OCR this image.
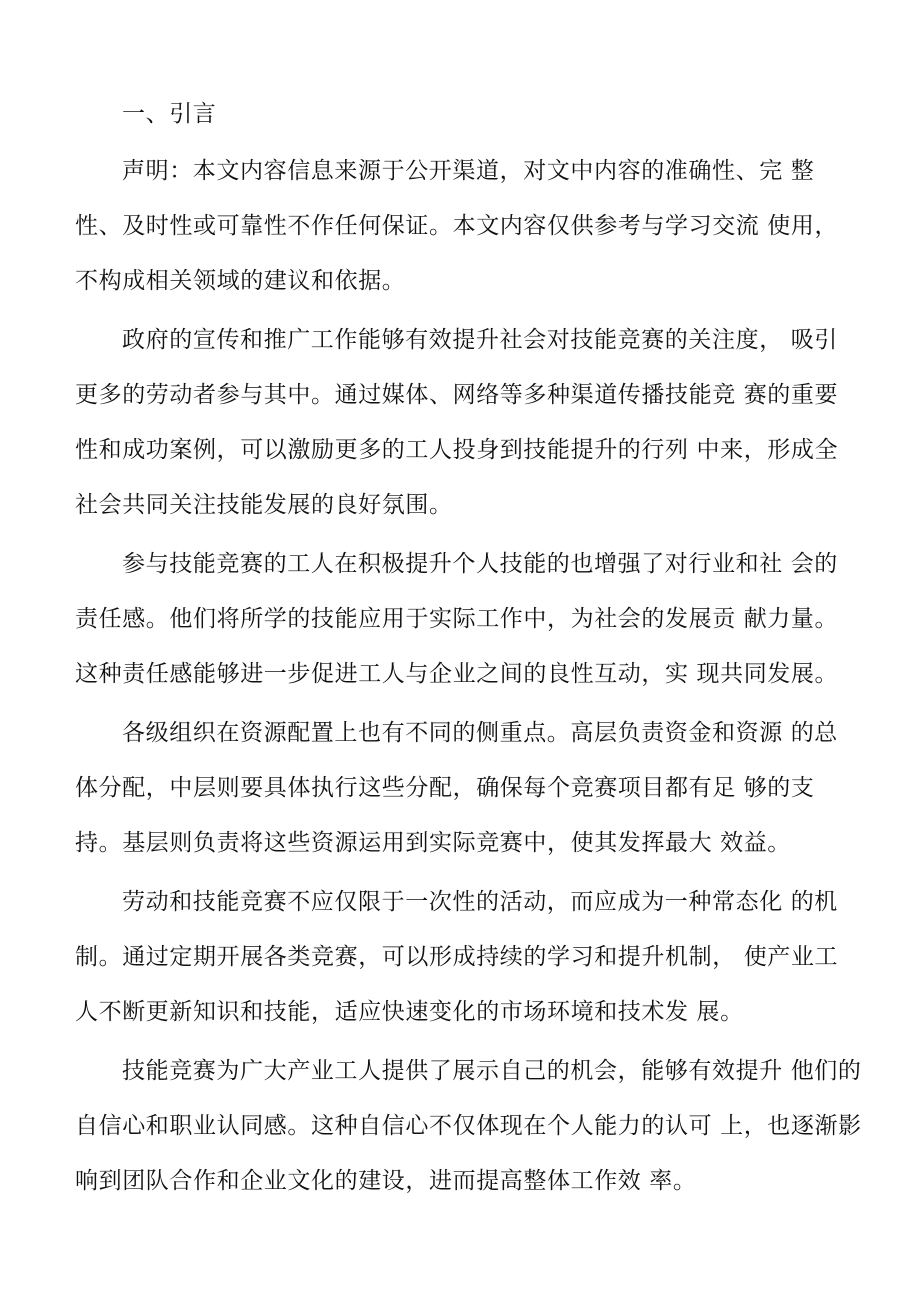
一、引言
声明：本文内容信息来源于公开渠道，对文中内容的准确性、完 整
性、及时性或可靠性不作任何保证。本文内容仅供参考与学习交流 使用，
不构成相关领域的建议和依据。
政府的宣传和推广工作能够有效提升社会对技能竞赛的关注度， 吸引
更多的劳动者参与其中。通过媒体、网络等多种渠道传播技能竞 赛的重要
性和成功案例，可以激励更多的工人投身到技能提升的行列 中来，形成全
社会共同关注技能发展的良好氛围。
参与技能竞赛的工人在积极提升个人技能的也增强了对行业和社 会的
责任感。他们将所学的技能应用于实际工作中，为社会的发展贡 献力量。
这种责任感能够进一步促进工人与企业之间的良性互动，实 现共同发展。
各级组织在资源配置上也有不同的侧重点。高层负责资金和资源 的总
体分配，中层则要具体执行这些分配，确保每个竞赛项目都有足 够的支
持。基层则负责将这些资源运用到实际竞赛中，使其发挥最大 效益。
劳动和技能竞赛不应仅限于一次性的活动，而应成为一种常态化 的机
制。通过定期开展各类竞赛，可以形成持续的学习和提升机制， 使产业工
人不断更新知识和技能，适应快速变化的市场环境和技术发 展。
技能竞赛为广大产业工人提供了展示自己的机会，能够有效提升 他们的
自信心和职业认同感。这种自信心不仅体现在个人能力的认可 上，也逐渐影
响到团队合作和企业文化的建设，进而提高整体工作效 率。
